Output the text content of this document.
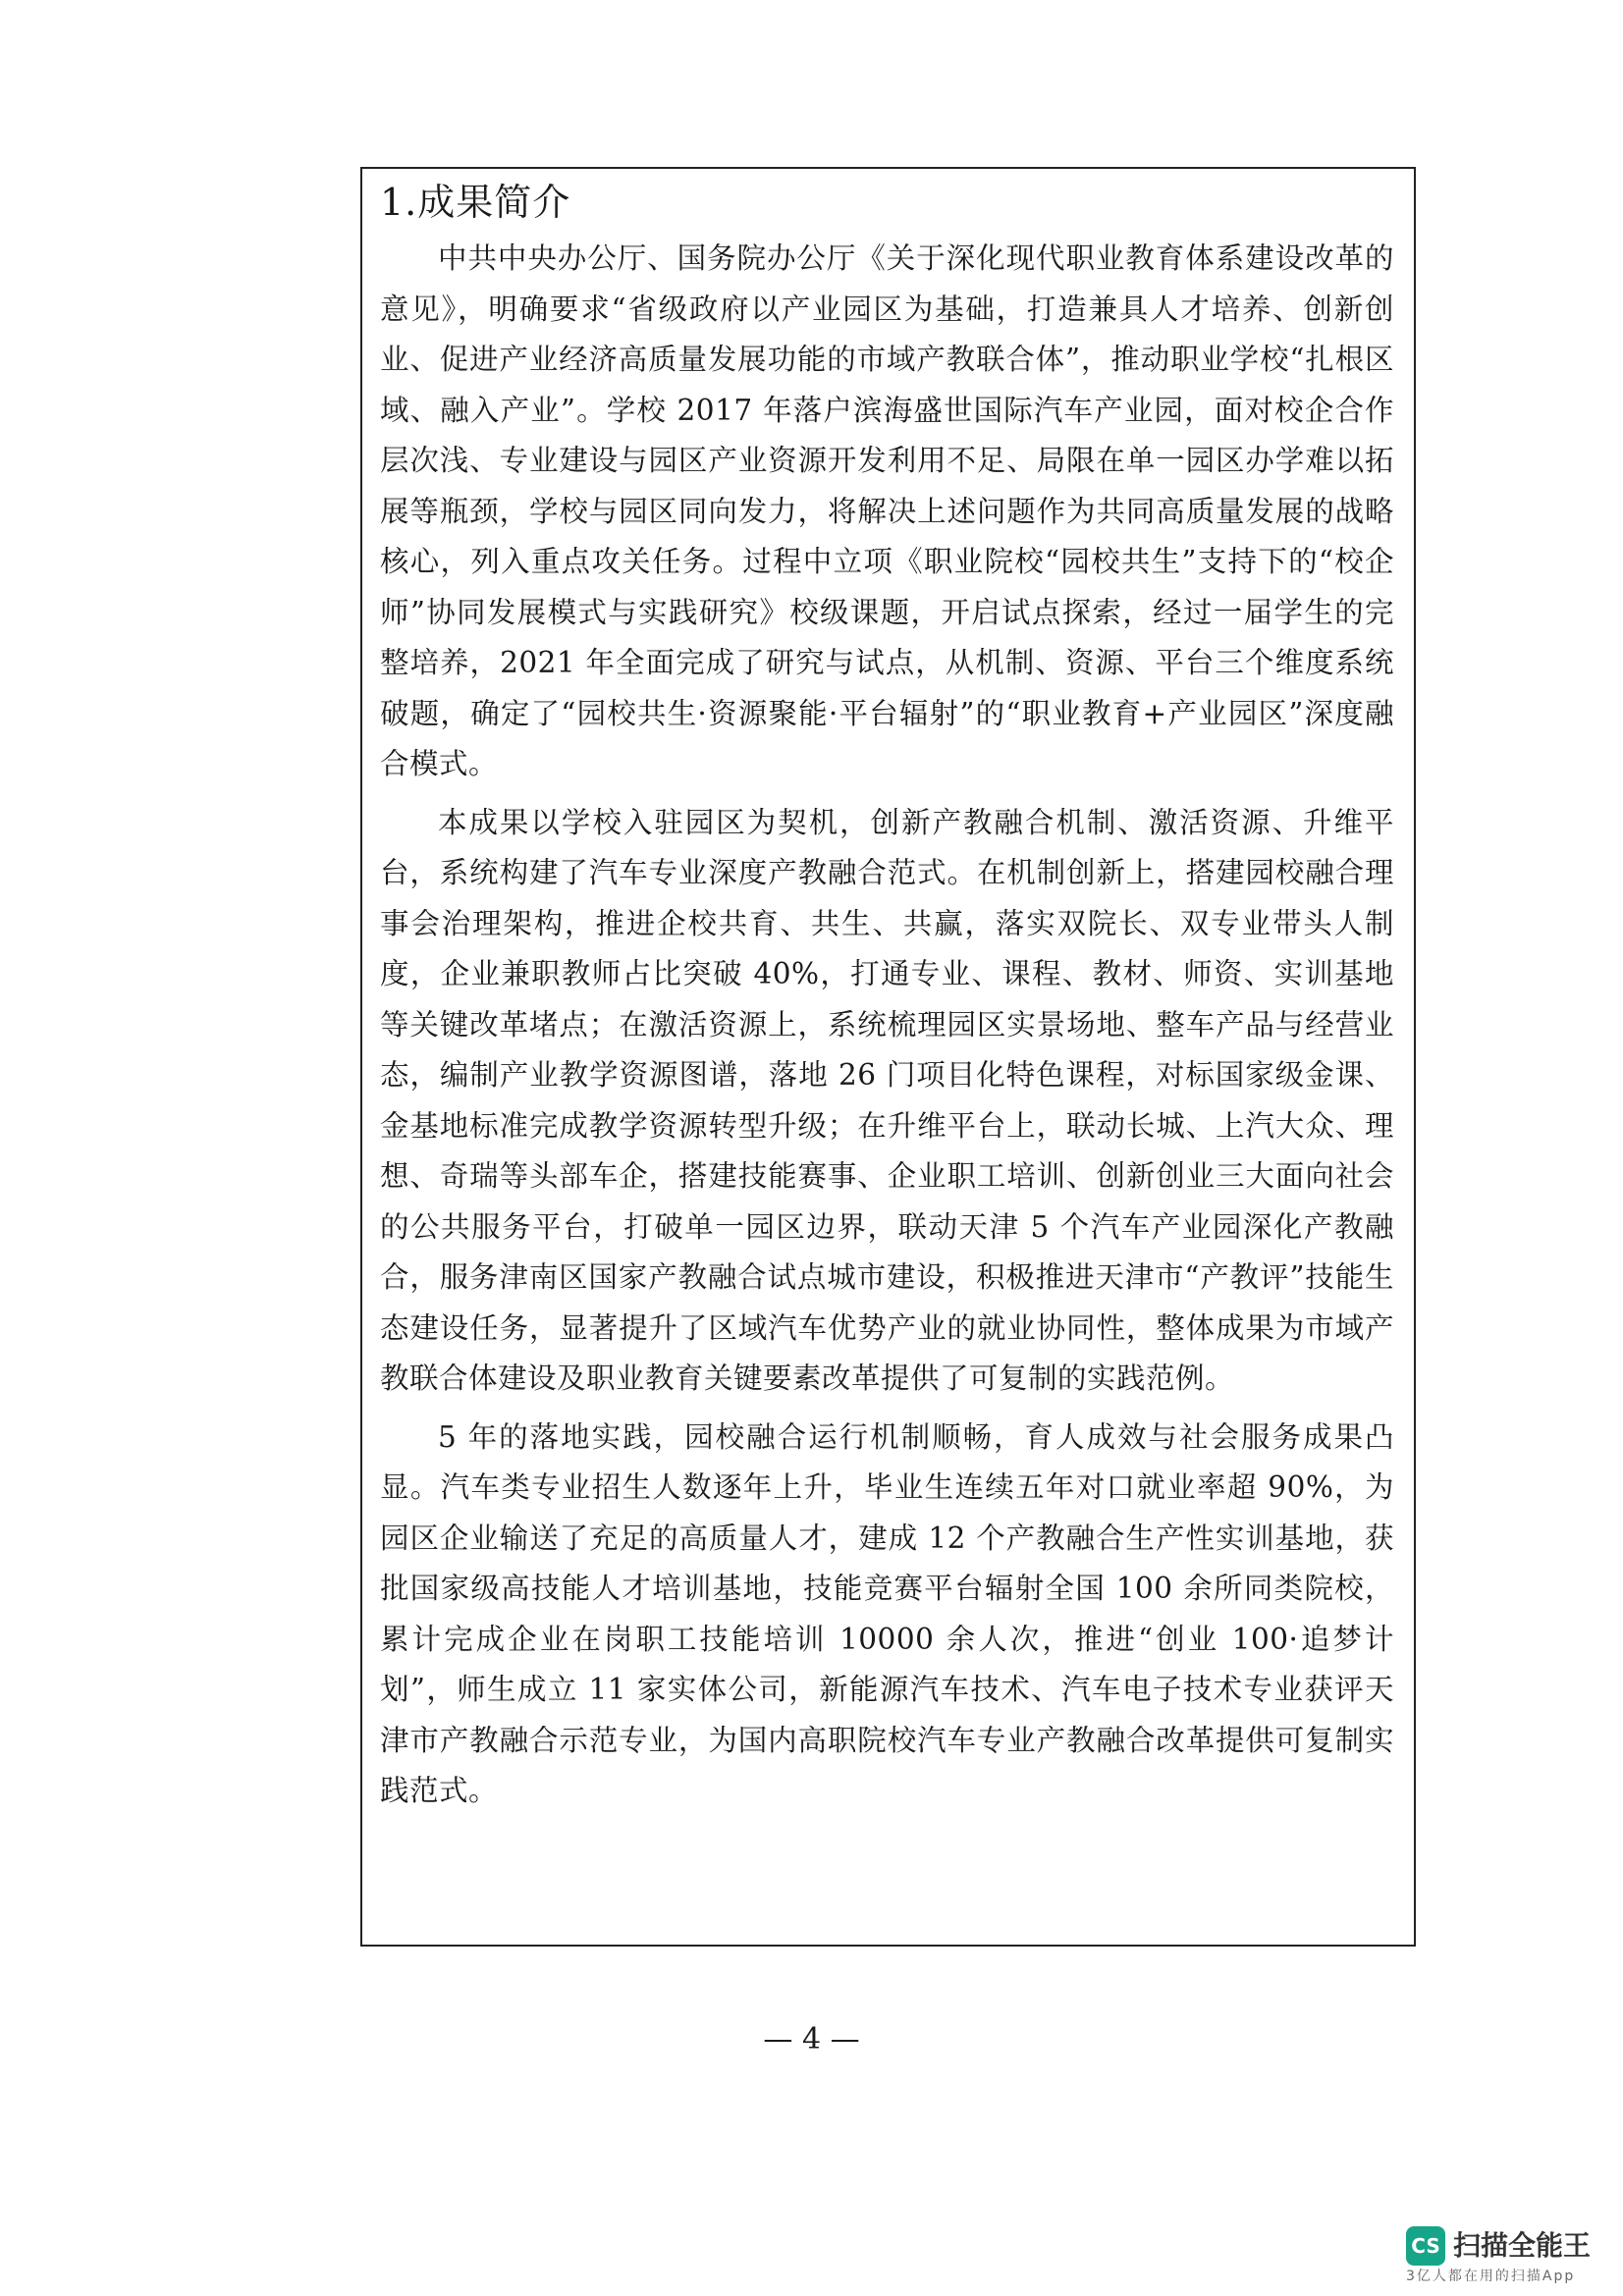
1.成果简介

中共中央办公厅、国务院办公厅《关于深化现代职业教育体系建设改革的意见》，明确要求“省级政府以产业园区为基础，打造兼具人才培养、创新创业、促进产业经济高质量发展功能的市域产教联合体”，推动职业学校“扎根区域、融入产业”。学校 2017 年落户滨海盛世国际汽车产业园，面对校企合作层次浅、专业建设与园区产业资源开发利用不足、局限在单一园区办学难以拓展等瓶颈，学校与园区同向发力，将解决上述问题作为共同高质量发展的战略核心，列入重点攻关任务。过程中立项《职业院校“园校共生”支持下的“校企师”协同发展模式与实践研究》校级课题，开启试点探索，经过一届学生的完整培养，2021 年全面完成了研究与试点，从机制、资源、平台三个维度系统破题，确定了“园校共生·资源聚能·平台辐射”的“职业教育+产业园区”深度融合模式。

本成果以学校入驻园区为契机，创新产教融合机制、激活资源、升维平台，系统构建了汽车专业深度产教融合范式。在机制创新上，搭建园校融合理事会治理架构，推进企校共育、共生、共赢，落实双院长、双专业带头人制度，企业兼职教师占比突破 40%，打通专业、课程、教材、师资、实训基地等关键改革堵点；在激活资源上，系统梳理园区实景场地、整车产品与经营业态，编制产业教学资源图谱，落地 26 门项目化特色课程，对标国家级金课、金基地标准完成教学资源转型升级；在升维平台上，联动长城、上汽大众、理想、奇瑞等头部车企，搭建技能赛事、企业职工培训、创新创业三大面向社会的公共服务平台，打破单一园区边界，联动天津 5 个汽车产业园深化产教融合，服务津南区国家产教融合试点城市建设，积极推进天津市“产教评”技能生态建设任务，显著提升了区域汽车优势产业的就业协同性，整体成果为市域产教联合体建设及职业教育关键要素改革提供了可复制的实践范例。

5 年的落地实践，园校融合运行机制顺畅，育人成效与社会服务成果凸显。汽车类专业招生人数逐年上升，毕业生连续五年对口就业率超 90%，为园区企业输送了充足的高质量人才，建成 12 个产教融合生产性实训基地，获批国家级高技能人才培训基地，技能竞赛平台辐射全国 100 余所同类院校，累计完成企业在岗职工技能培训 10000 余人次，推进“创业 100·追梦计划”，师生成立 11 家实体公司，新能源汽车技术、汽车电子技术专业获评天津市产教融合示范专业，为国内高职院校汽车专业产教融合改革提供可复制实践范式。

— 4 —
CS 扫描全能王
3亿人都在用的扫描App
